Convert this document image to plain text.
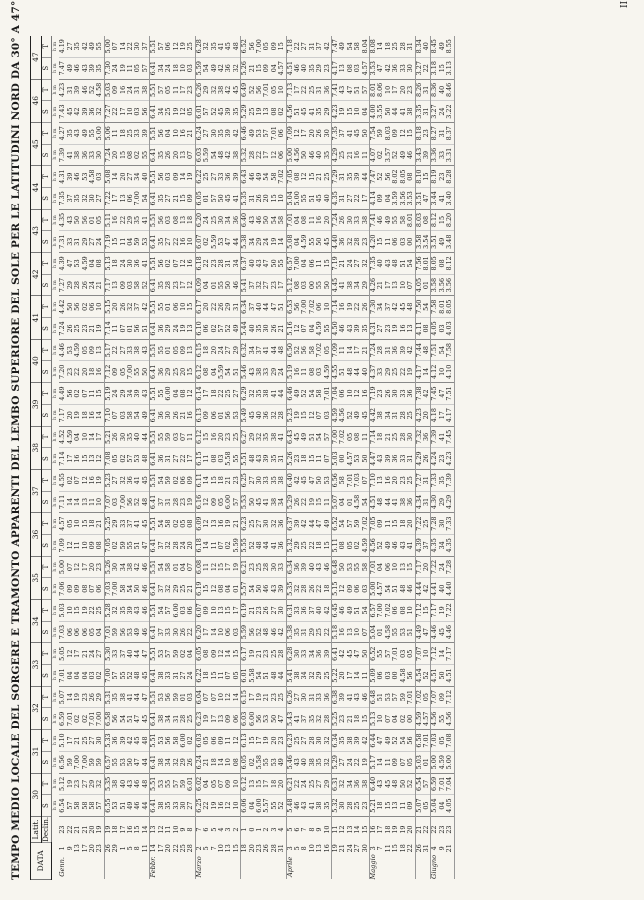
TEMPO MEDIO LOCALE DEL SORGERE E TRAMONTO APPARENTI DEL LEMBO SUPERIORE DEL SOLE PER LE LATITUDINI NORD DA 30° A 47°	DATA		Latit.	30		31		32		33		34		35		36		37		38		39		40		41		42		43		44		45		46		47	
		Declin.	S	T	S	T	S	T	S	T	S	T	S	T	S	T	S	T	S	T	S	T	S	T	S	T	S	T	S	T	S	T	S	T	S	T	S	T
			h m	h m	h m	h m	h m	h m	h m	h m	h m	h m	h m	h m	h m	h m	h m	h m	h m	h m	h m	h m	h m	h m	h m	h m	h m	h m	h m	h m	h m	h m	h m	h m	h m	h m	h m	h m
Genn.	1	23	6.54	5.12	6.56	5.10	6.59	5.07	7.01	5.05	7.03	5.03	7.06	5.00	7.09	4.57	7.11	4.55	7.14	4.52	7.17	4.49	7.20	4.46	7.24	4.42	7.27	4.39	7.31	4.35	7.35	4.31	7.39	4.27	7.43	4.23	7.47	4.19
	9	22	57	19	59	17	7.01	14	04	12	06	10	09	07	12	05	14	02	17	4.59	20	56	23	53	26	50	29	47	33	43	37	39	41	35	45	31	49	27
	13	21	58	23	7.00	21	02	19	04	17	06	15	09	12	11	10	14	07	16	04	19	02	22	4.59	25	56	28	53	31	50	35	46	38	43	42	39	46	35
	17	21	58	27	7.00	25	02	23	04	21	06	19	08	17	10	15	13	12	15	10	18	07	20	05	23	02	26	4.59	29	56	32	53	36	49	39	46	43	42
	20	20	58	29	59	27	7.01	26	03	24	05	22	07	20	09	18	11	16	13	14	16	11	18	09	21	06	24	04	27	01	30	4.58	33	55	36	52	39	49
	23	19	57	32	59	30	7.00	29	02	27	04	25	06	23	08	21	10	19	12	17	14	15	16	13	19	10	21	08	24	05	27	03	30	5.00	32	4.58	35	55
	26	19	6.55	5.35	6.57	5.33	6.58	5.31	7.00	5.30	7.01	5.28	7.03	5.26	7.05	5.25	7.07	5.23	7.08	5.21	7.10	5.19	7.12	5.17	7.14	5.15	7.17	5.13	7.19	5.11	7.22	5.08	7.24	5.06	7.27	5.03	7.30	5.00
	29	18	53	38	55	36	56	35	57	33	59	32	7.00	30	02	29	03	27	05	26	07	24	09	22	11	20	13	18	15	16	17	14	20	11	22	09	24	07
	1	17	51	40	53	39	54	38	55	37	56	35	58	34	59	33	7.00	32	02	30	03	29	05	27	07	26	09	24	11	22	13	20	15	18	17	16	19	14
	5	16	49	43	50	42	51	41	52	40	53	39	54	38	55	37	56	36	57	35	58	34	7.00	33	01	32	03	30	04	29	06	27	08	25	10	24	11	22
	8	15	46	46	47	45	47	44	48	44	49	43	50	42	51	41	52	41	53	40	54	39	55	38	56	37	58	36	59	35	7.00	34	02	33	03	31	05	30
	11	14	44	48	44	48	45	47	45	47	46	46	46	46	47	45	48	45	48	44	49	43	50	43	51	42	52	41	53	41	54	40	55	39	56	38	57	37
Febbr.	14	13	6.41	5.51	6.41	5.51	6.41	5.51	6.41	5.51	6.41	5.51	6.41	5.51	6.41	5.51	6.41	5.51	6.41	5.51	6.41	5.51	6.41	5.51	6.41	5.51	6.41	5.51	6.41	5.51	6.41	5.51	6.41	5.51	6.41	5.51	6.41	5.51
	17	12	38	53	38	53	38	53	38	53	37	54	37	54	37	54	37	54	36	55	36	55	36	55	36	55	35	56	35	56	35	56	35	56	34	57	34	57
	20	11	35	55	34	56	34	56	33	57	33	57	32	58	32	58	31	59	31	59	30	6.00	29	01	29	01	28	02	27	03	27	03	26	04	25	05	24	06
	22	10	33	57	32	58	31	59	31	59	30	6.00	29	01	28	02	28	02	27	03	26	04	25	05	24	06	23	07	22	08	21	09	20	10	19	11	18	12
	25	9	30	59	29	6.00	28	01	27	02	26	03	25	04	24	05	23	06	22	07	21	08	20	09	19	10	17	12	16	13	15	14	13	16	12	17	10	19
	28	8	27	6.01	26	02	25	03	24	04	22	06	21	07	20	08	19	09	17	11	16	12	15	13	13	15	12	16	10	18	09	19	07	21	05	23	03	25
Marzo	2	7	6.25	6.02	6.24	6.03	6.23	6.04	6.22	6.05	6.20	6.07	6.19	6.08	6.18	6.09	6.16	6.11	6.15	6.12	6.13	6.14	6.12	6.15	6.10	6.17	6.09	6.18	6.07	6.20	6.05	6.22	6.03	6.24	6.01	6.26	5.59	6.28
	5	6	22	04	21	05	19	07	18	08	17	09	15	11	14	12	12	14	11	15	09	17	08	18	06	20	04	22	02	24	01	25	5.59	27	57	29	54	32
	7	5	19	05	18	06	17	07	15	09	14	10	12	12	11	13	09	15	08	16	06	18	04	20	02	22	01	23	5.59	25	57	27	54	30	52	32	49	35
	10	4	16	07	14	09	13	10	11	12	10	13	08	15	07	16	05	18	03	20	01	22	5.59	24	57	26	55	28	53	30	50	33	48	35	45	38	42	41
	13	3	12	09	10	11	09	12	07	14	06	15	04	17	02	19	6.00	21	5.58	23	56	25	54	27	52	29	50	31	47	34	45	36	42	39	39	42	36	45
	15	2	10	10	08	12	06	14	05	15	03	17	01	19	5.59	21	57	23	55	25	53	27	51	29	49	31	46	34	44	36	41	39	38	42	35	45	32	48
	18	1	6.06	6.12	6.05	6.13	6.03	6.15	6.01	6.17	5.59	6.19	5.57	6.21	5.55	6.23	5.53	6.25	5.51	6.27	5.49	6.29	5.46	6.32	5.44	6.34	5.41	6.37	5.38	6.40	5.35	6.43	5.32	6.46	5.29	6.49	5.26	6.52
	20	0	04	13	02	15	6.00	17	5.58	19	56	21	54	23	52	25	50	27	48	29	45	32	43	34	40	37	37	40	34	43	31	46	28	49	25	52	21	56
	23	1	6.00	15	5.58	17	56	19	54	21	52	23	50	25	48	27	45	30	43	32	40	35	38	37	35	40	32	43	29	46	26	49	22	53	19	56	15	7.00
	26	2	5.57	17	55	19	53	21	51	23	48	26	46	28	44	30	41	33	39	35	36	38	33	41	30	44	27	47	24	50	20	54	17	57	13	7.01	09	05
	28	3	55	18	53	20	50	23	48	25	46	27	43	30	41	32	38	35	35	38	32	41	29	44	26	47	23	50	19	54	15	58	12	7.01	08	05	04	09
	31	4	52	20	49	23	47	25	44	28	42	30	39	33	36	36	34	38	31	41	28	44	24	48	21	51	17	55	14	58	10	7.02	06	06	02	10	4.57	15
Aprile	3	5	5.48	6.21	5.46	6.23	5.43	6.26	5.41	6.28	5.38	6.31	5.35	6.34	5.32	6.37	5.29	6.40	5.26	6.43	5.23	6.46	5.19	6.50	5.16	6.53	5.12	6.57	5.08	7.01	5.04	7.05	5.00	7.09	4.56	7.13	4.51	7.18
	5	6	46	22	43	25	41	27	38	30	35	33	32	36	29	39	26	42	23	45	19	49	16	52	12	56	08	7.00	04	04	5.00	08	4.56	12	51	17	46	22
	8	7	43	24	40	27	37	30	34	33	31	36	28	39	25	42	22	45	18	49	15	52	11	56	07	7.00	03	04	4.59	08	55	12	50	17	45	22	40	27
	10	8	41	25	38	28	35	31	32	34	29	37	26	40	22	44	19	47	15	51	12	54	08	58	04	7.02	00	06	55	11	51	15	46	20	41	25	35	31
	13	9	38	27	35	30	32	33	29	36	25	40	22	43	18	47	15	50	11	54	07	58	03	7.02	4.59	06	55	11	50	16	45	21	40	26	35	31	29	37
	16	10	35	29	32	32	28	36	25	39	22	42	18	46	15	49	11	53	07	57	03	7.01	4.59	05	55	10	50	15	45	20	40	25	35	30	29	36	23	42
	19	11	5.32	6.31	5.29	6.34	5.25	6.38	5.22	6.41	5.18	6.45	5.15	6.48	5.11	6.52	5.07	6.56	5.03	7.00	4.59	7.04	4.55	7.09	4.50	7.14	4.45	7.19	4.40	7.24	4.35	7.29	4.29	7.35	4.23	7.41	4.17	7.47
	21	12	30	32	27	35	23	39	20	42	16	46	12	50	08	54	04	58	00	7.02	4.56	06	51	11	46	16	41	21	36	26	31	31	25	37	19	43	13	49
	24	13	28	34	24	38	21	41	17	45	13	49	09	53	05	57	01	7.01	4.57	05	52	10	48	14	43	19	38	24	32	30	27	35	21	41	15	47	08	54
	27	14	25	36	22	39	18	43	14	47	10	51	06	55	02	59	4.58	7.03	53	08	49	12	44	17	39	22	34	27	28	33	22	39	16	45	10	51	03	58
	30	15	23	38	19	42	15	46	11	50	07	54	03	58	4.59	7.02	54	07	50	11	45	16	40	21	35	26	29	32	23	38	17	44	11	50	04	57	4.57	8.04
Maggio	3	16	5.21	6.40	5.17	6.44	5.13	6.48	5.09	6.52	5.04	6.57	5.00	7.01	4.56	7.05	4.51	7.10	4.47	7.14	4.42	7.19	4.37	7.24	4.31	7.30	4.26	7.35	4.20	7.41	4.14	7.47	4.07	7.54	4.00	8.01	3.53	8.08
	7	17	18	43	14	47	10	51	06	55	01	7.00	4.57	04	52	09	48	13	43	18	38	23	33	28	27	34	21	40	15	46	09	52	02	59	3.55	8.06	47	14
	11	18	15	45	11	49	07	53	03	57	4.58	7.02	54	06	49	11	44	16	39	21	34	26	29	31	23	37	17	43	11	49	04	56	3.57	8.03	50	10	42	18
	15	19	13	48	09	52	04	57	00	7.01	55	06	51	10	46	15	41	20	36	25	31	30	25	36	19	42	13	48	06	55	3.59	8.02	52	09	44	17	36	25
	18	19	11	50	07	54	02	59	4.58	03	53	08	48	13	43	18	38	23	33	28	28	33	22	39	16	45	10	51	03	58	3.56	8.05	49	12	41	20	33	28
	22	20	09	52	05	56	00	7.01	56	05	51	10	46	15	41	20	36	25	31	30	25	36	19	42	13	48	07	54	00	8.01	3.53	08	46	15	38	23	30	31
	26	21	5.07	6.54	5.03	6.58	4.59	7.02	4.54	7.07	4.49	7.12	4.44	7.17	4.39	7.22	4.34	7.27	4.29	7.32	4.23	7.38	4.17	7.44	4.11	7.50	4.05	7.56	3.58	8.03	3.51	8.10	3.43	8.18	3.35	8.26	3.27	8.34
	31	22	05	57	01	7.01	4.57	05	52	10	47	15	42	20	37	25	31	31	26	36	20	42	14	48	08	54	01	8.01	3.54	08	47	15	39	23	31	31	22	40
Giugno	4	22	5.04	6.59	5.00	7.03	4.56	7.07	4.51	7.12	4.46	7.17	4.41	7.22	4.35	7.28	4.30	7.33	4.24	7.39	4.18	7.45	4.12	7.51	4.05	7.58	3.58	8.05	3.51	8.12	3.44	8.19	3.36	8.27	3.27	8.36	3.18	8.45
	9	23	04	7.01	4.59	05	55	09	50	14	45	19	40	24	34	30	29	35	23	41	17	47	10	54	03	8.01	3.56	08	49	15	41	23	33	31	24	40	15	49
	21	23	4.05	7.04	5.00	7.08	4.56	7.12	4.51	7.17	4.46	7.22	4.40	7.28	4.35	7.33	4.29	7.39	4.23	7.45	4.17	7.51	4.10	7.58	4.03	8.05	3.56	8.12	3.48	8.20	3.40	8.28	3.31	8.37	3.22	8.46	3.13	8.55
II
